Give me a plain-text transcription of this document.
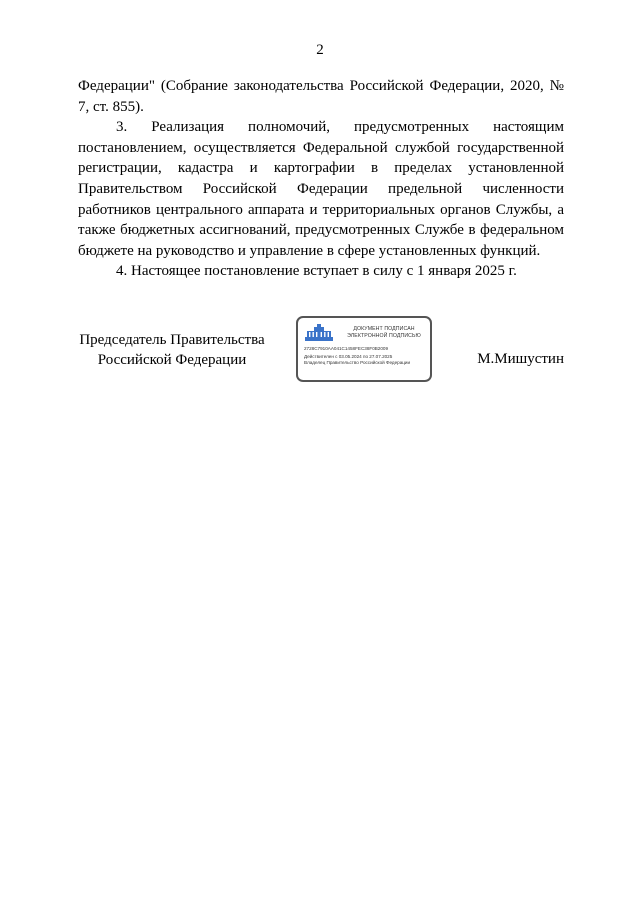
2

Федерации" (Собрание законодательства Российской Федерации, 2020, № 7, ст. 855).

3. Реализация полномочий, предусмотренных настоящим постановлением, осуществляется Федеральной службой государственной регистрации, кадастра и картографии в пределах установленной Правительством Российской Федерации предельной численности работников центрального аппарата и территориальных органов Службы, а также бюджетных ассигнований, предусмотренных Службе в федеральном бюджете на руководство и управление в сфере установленных функций.

4. Настоящее постановление вступает в силу с 1 января 2025 г.

Председатель Правительства
Российской Федерации
ДОКУМЕНТ ПОДПИСАН
ЭЛЕКТРОННОЙ ПОДПИСЬЮ
2728C7910AA041C1458FEC38F0B2009
Действителен с 03.05.2024 по 27.07.2025
Владелец Правительство Российской Федерации	М.Мишустин
